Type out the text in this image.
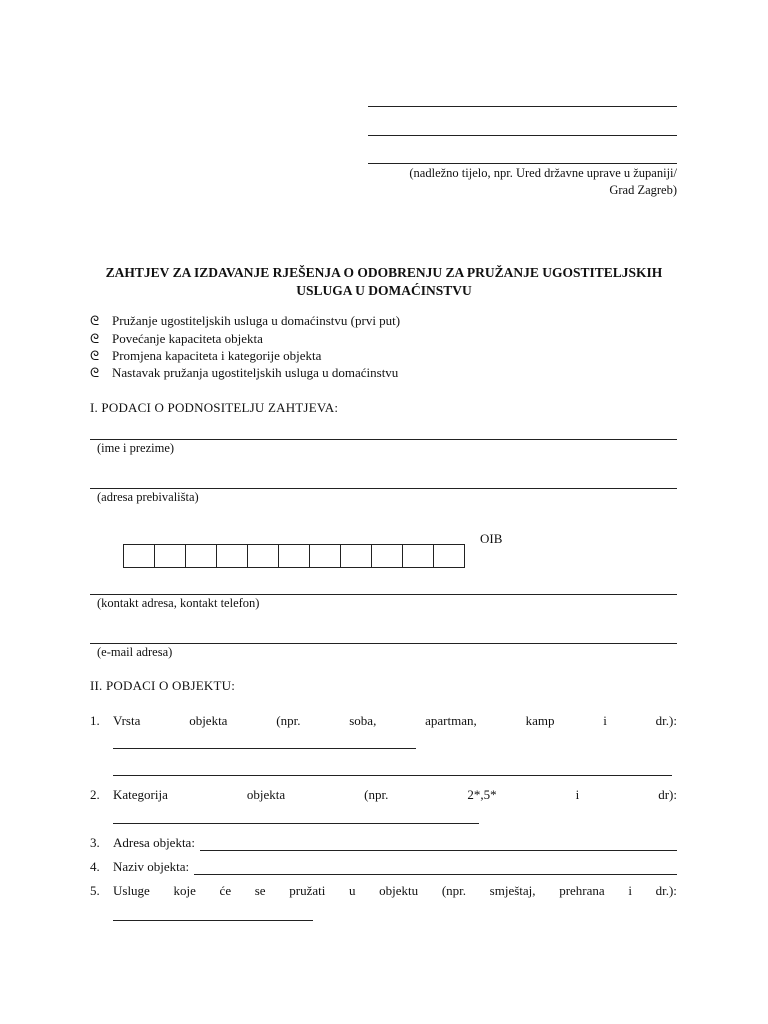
(nadležno tijelo, npr. Ured državne uprave u županiji/
Grad Zagreb)
ZAHTJEV ZA IZDAVANJE RJEŠENJA O ODOBRENJU ZA PRUŽANJE UGOSTITELJSKIH
USLUGA U DOMAĆINSTVU
ᘓ Pružanje ugostiteljskih usluga u domaćinstvu (prvi put)
ᘓ Povećanje kapaciteta objekta
ᘓ Promjena kapaciteta i kategorije objekta
ᘓ Nastavak pružanja ugostiteljskih usluga u domaćinstvu
I. PODACI O PODNOSITELJU ZAHTJEVA:
(ime i prezime)
(adresa prebivališta)
OIB
(kontakt adresa, kontakt telefon)
(e-mail adresa)
II. PODACI O OBJEKTU:
1. Vrsta	objekta	(npr.	soba,	apartman,	kamp	i	dr.):
2. Kategorija	objekta	(npr.	2*,5*	i	dr):
3. Adresa objekta:
4. Naziv objekta:
5. Usluge koje će se pružati u objektu (npr. smještaj, prehrana i dr.):
